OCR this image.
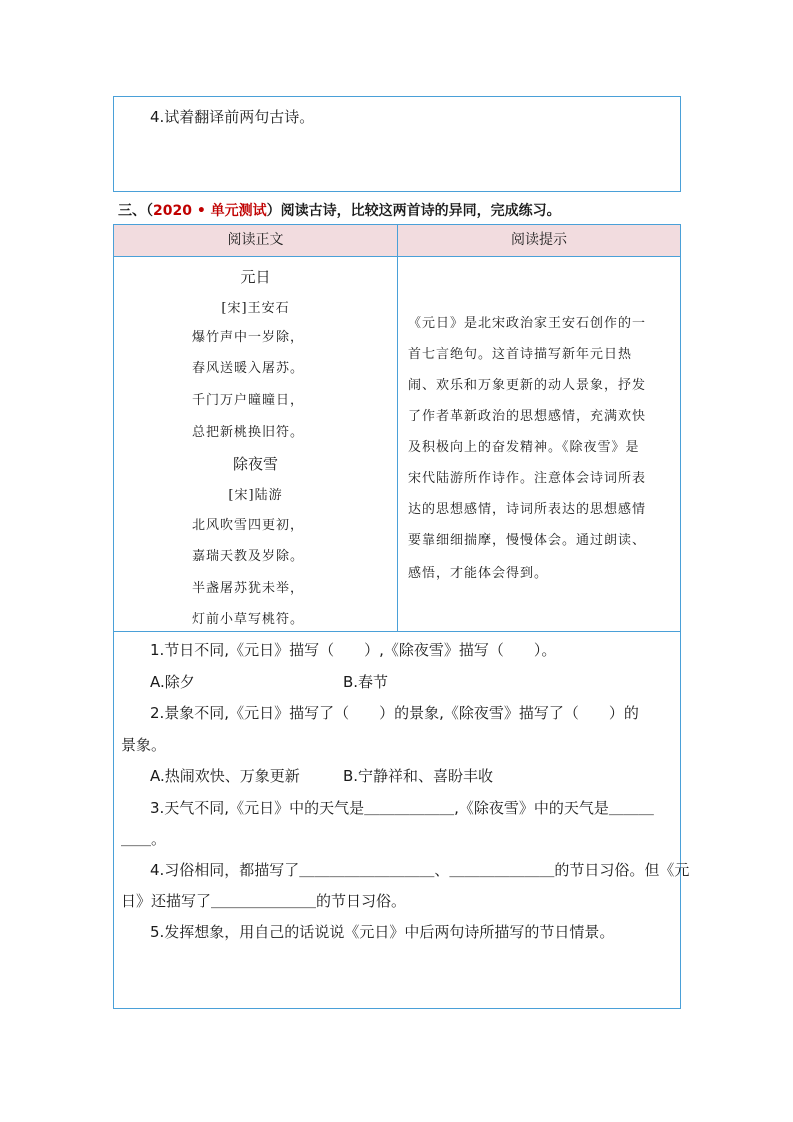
4.试着翻译前两句古诗。
三、（2020 • 单元测试）阅读古诗，比较这两首诗的异同，完成练习。
阅读正文	阅读提示
元日
[宋]王安石
爆竹声中一岁除，
春风送暖入屠苏。
千门万户曈曈日，
总把新桃换旧符。
除夜雪
[宋]陆游
北风吹雪四更初，
嘉瑞天教及岁除。
半盏屠苏犹未举，
灯前小草写桃符。
《元日》是北宋政治家王安石创作的一
首七言绝句。这首诗描写新年元日热
闹、欢乐和万象更新的动人景象，抒发
了作者革新政治的思想感情，充满欢快
及积极向上的奋发精神。《除夜雪》是
宋代陆游所作诗作。注意体会诗词所表
达的思想感情，诗词所表达的思想感情
要靠细细揣摩，慢慢体会。通过朗读、
感悟，才能体会得到。
1.节日不同,《元日》描写（　　）,《除夜雪》描写（　　）。
A.除夕	B.春节
2.景象不同,《元日》描写了（　　）的景象,《除夜雪》描写了（　　）的
景象。
A.热闹欢快、万象更新	B.宁静祥和、喜盼丰收
3.天气不同,《元日》中的天气是＿＿＿＿＿＿,《除夜雪》中的天气是＿＿＿
＿＿。
4.习俗相同，都描写了＿＿＿＿＿＿＿＿＿、＿＿＿＿＿＿＿的节日习俗。但《元
日》还描写了＿＿＿＿＿＿＿的节日习俗。
5.发挥想象，用自己的话说说《元日》中后两句诗所描写的节日情景。
